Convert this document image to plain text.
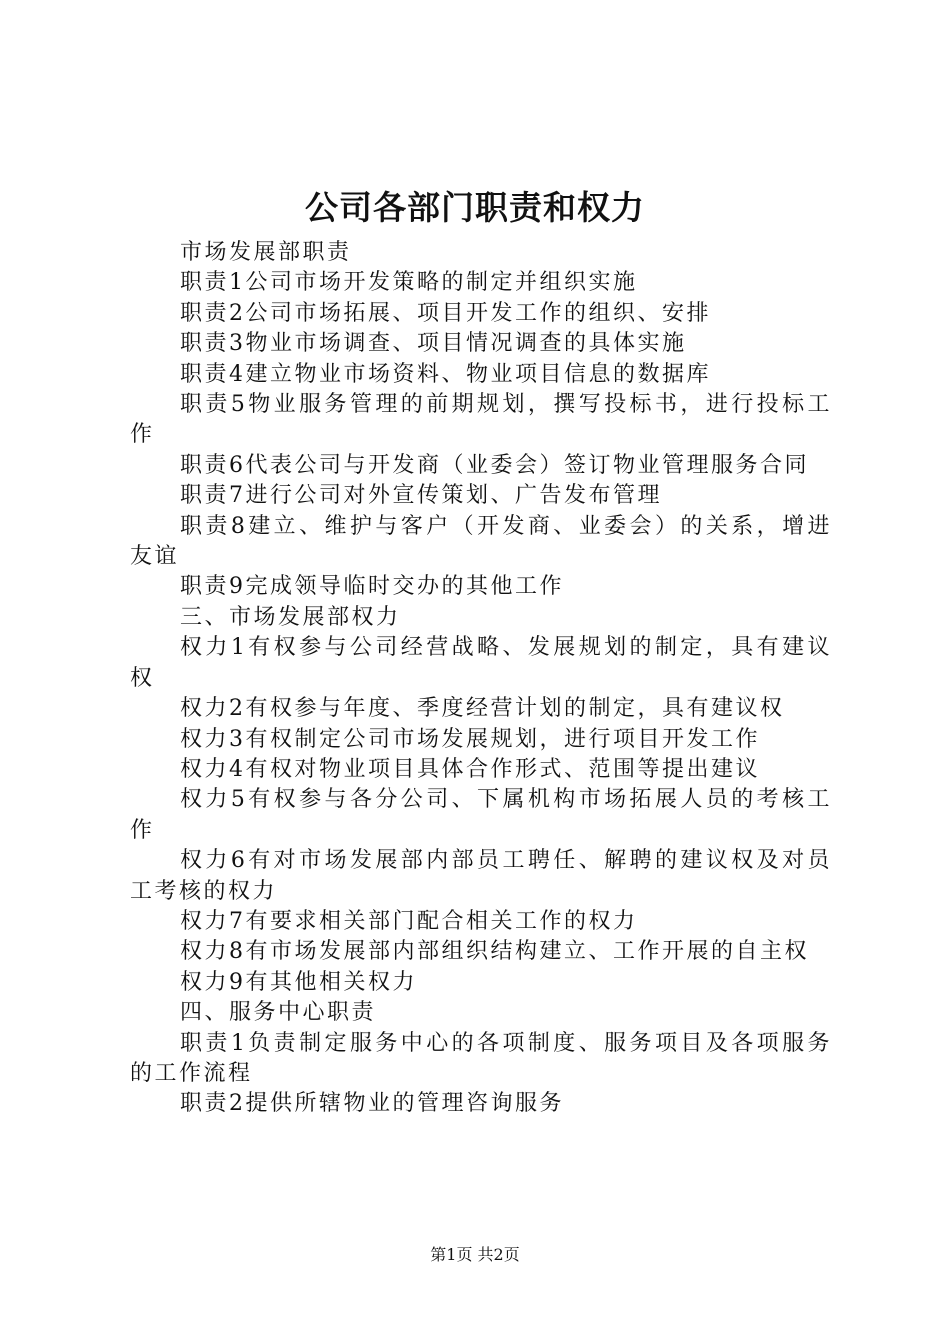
公司各部门职责和权力

市场发展部职责

职责1公司市场开发策略的制定并组织实施

职责2公司市场拓展、项目开发工作的组织、安排

职责3物业市场调查、项目情况调查的具体实施

职责4建立物业市场资料、物业项目信息的数据库

职责5物业服务管理的前期规划，撰写投标书，进行投标工作

职责6代表公司与开发商（业委会）签订物业管理服务合同

职责7进行公司对外宣传策划、广告发布管理

职责8建立、维护与客户（开发商、业委会）的关系，增进友谊

职责9完成领导临时交办的其他工作

三、市场发展部权力

权力1有权参与公司经营战略、发展规划的制定，具有建议权

权力2有权参与年度、季度经营计划的制定，具有建议权

权力3有权制定公司市场发展规划，进行项目开发工作

权力4有权对物业项目具体合作形式、范围等提出建议

权力5有权参与各分公司、下属机构市场拓展人员的考核工作

权力6有对市场发展部内部员工聘任、解聘的建议权及对员工考核的权力

权力7有要求相关部门配合相关工作的权力

权力8有市场发展部内部组织结构建立、工作开展的自主权

权力9有其他相关权力

四、服务中心职责

职责1负责制定服务中心的各项制度、服务项目及各项服务的工作流程

职责2提供所辖物业的管理咨询服务

第1页 共2页
